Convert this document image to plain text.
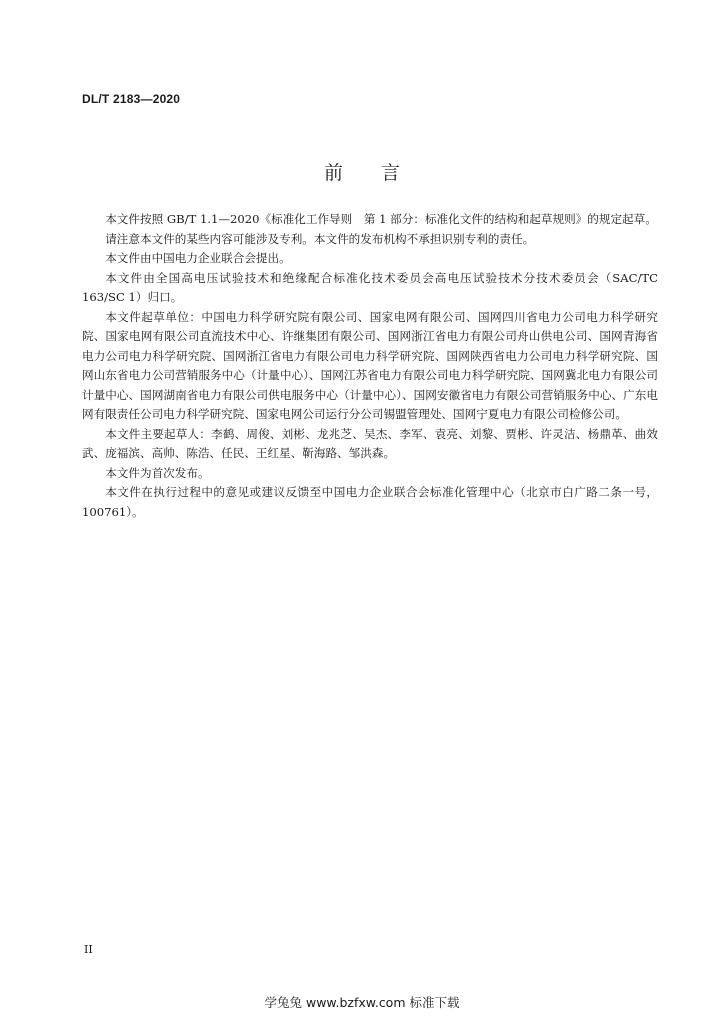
DL/T 2183—2020
前 言

本文件按照 GB/T 1.1—2020《标准化工作导则　第 1 部分：标准化文件的结构和起草规则》的规定起草。

请注意本文件的某些内容可能涉及专利。本文件的发布机构不承担识别专利的责任。

本文件由中国电力企业联合会提出。

本文件由全国高电压试验技术和绝缘配合标准化技术委员会高电压试验技术分技术委员会（SAC/TC 163/SC 1）归口。

本文件起草单位：中国电力科学研究院有限公司、国家电网有限公司、国网四川省电力公司电力科学研究院、国家电网有限公司直流技术中心、许继集团有限公司、国网浙江省电力有限公司舟山供电公司、国网青海省电力公司电力科学研究院、国网浙江省电力有限公司电力科学研究院、国网陕西省电力公司电力科学研究院、国网山东省电力公司营销服务中心（计量中心）、国网江苏省电力有限公司电力科学研究院、国网冀北电力有限公司计量中心、国网湖南省电力有限公司供电服务中心（计量中心）、国网安徽省电力有限公司营销服务中心、广东电网有限责任公司电力科学研究院、国家电网公司运行分公司锡盟管理处、国网宁夏电力有限公司检修公司。

本文件主要起草人：李鹤、周俊、刘彬、龙兆芝、吴杰、李军、袁亮、刘黎、贾彬、许灵洁、杨鼎革、曲效武、庞福滨、高帅、陈浩、任民、王红星、靳海路、邹洪森。

本文件为首次发布。

本文件在执行过程中的意见或建议反馈至中国电力企业联合会标准化管理中心（北京市白广路二条一号，100761）。

II
学兔兔 www.bzfxw.com 标准下载
